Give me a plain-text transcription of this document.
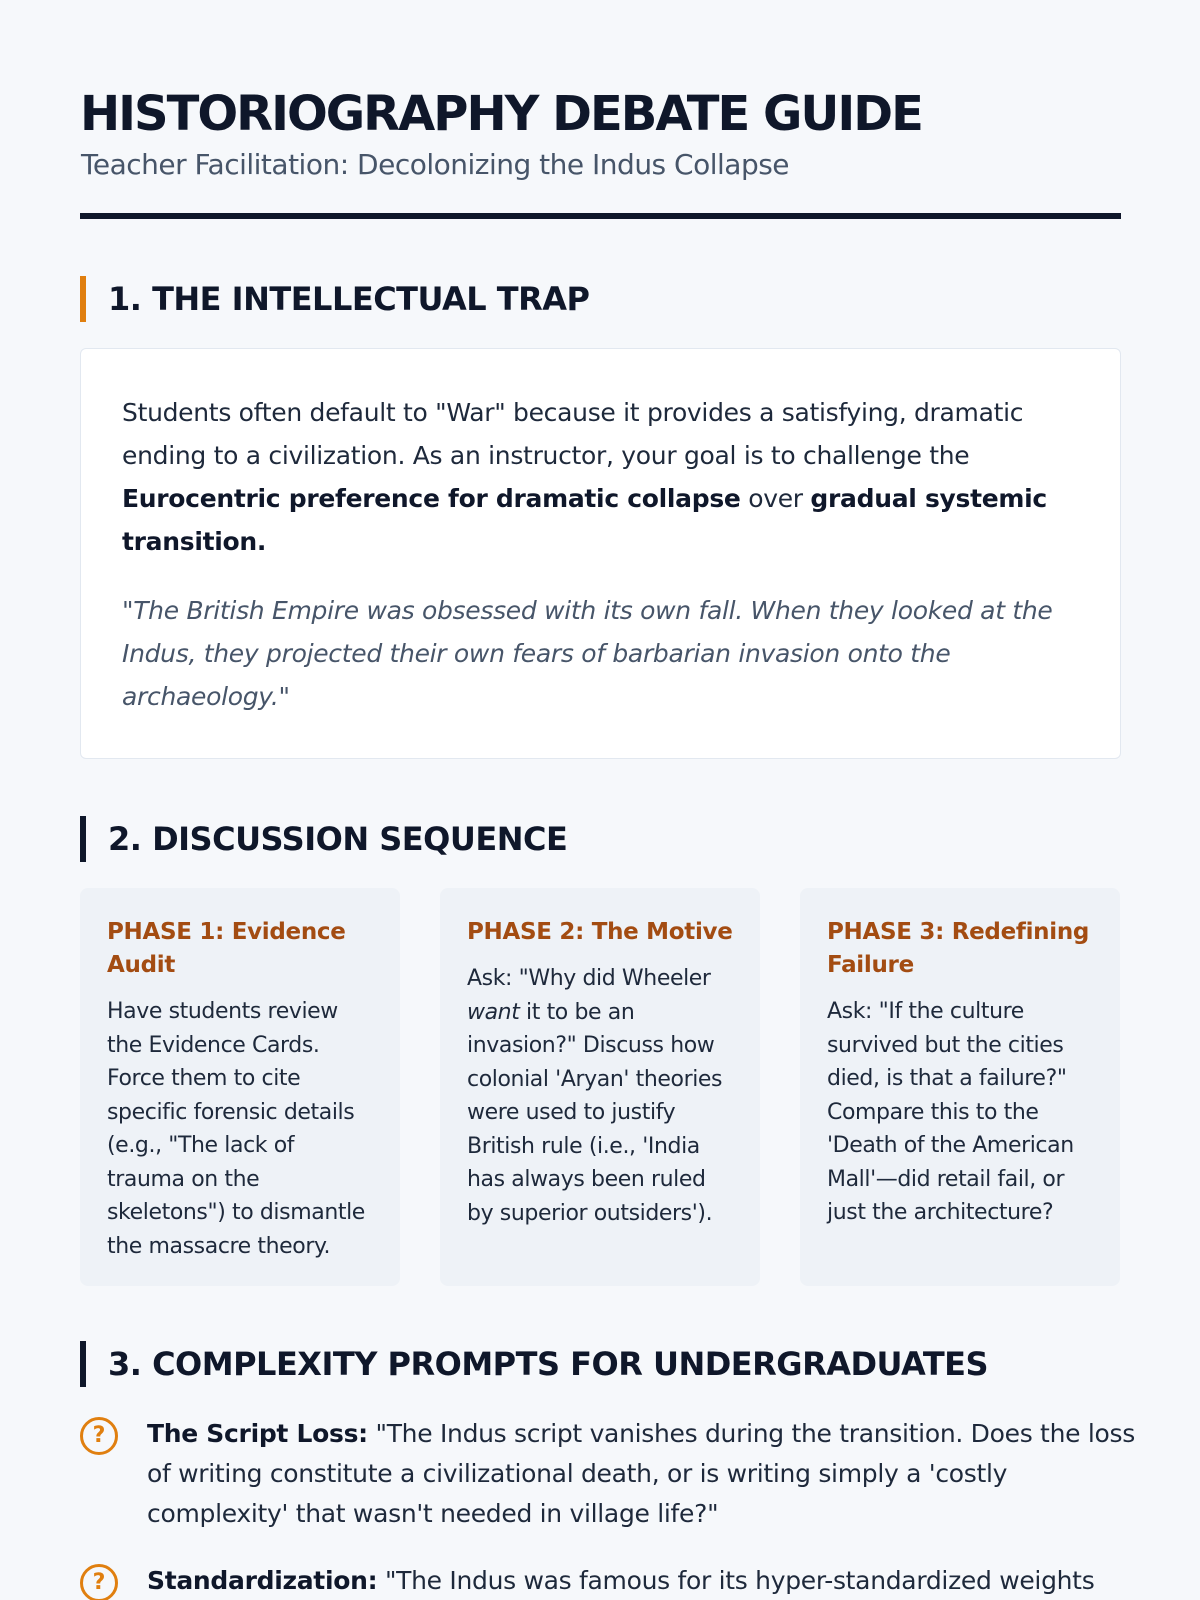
HISTORIOGRAPHY DEBATE GUIDE
Teacher Facilitation: Decolonizing the Indus Collapse
1. THE INTELLECTUAL TRAP

Students often default to "War" because it provides a satisfying, dramatic ending to a civilization. As an instructor, your goal is to challenge the Eurocentric preference for dramatic collapse over gradual systemic transition.

"The British Empire was obsessed with its own fall. When they looked at the Indus, they projected their own fears of barbarian invasion onto the archaeology."

2. DISCUSSION SEQUENCE
PHASE 1: Evidence Audit
Have students review the Evidence Cards. Force them to cite specific forensic details (e.g., "The lack of trauma on the skeletons") to dismantle the massacre theory.
PHASE 2: The Motive
Ask: "Why did Wheeler want it to be an invasion?" Discuss how colonial 'Aryan' theories were used to justify British rule (i.e., 'India has always been ruled by superior outsiders').
PHASE 3: Redefining Failure
Ask: "If the culture survived but the cities died, is that a failure?" Compare this to the 'Death of the American Mall'—did retail fail, or just the architecture?
3. COMPLEXITY PROMPTS FOR UNDERGRADUATES
?	The Script Loss: "The Indus script vanishes during the transition. Does the loss of writing constitute a civilizational death, or is writing simply a 'costly complexity' that wasn't needed in village life?"

?	Standardization: "The Indus was famous for its hyper-standardized weights
